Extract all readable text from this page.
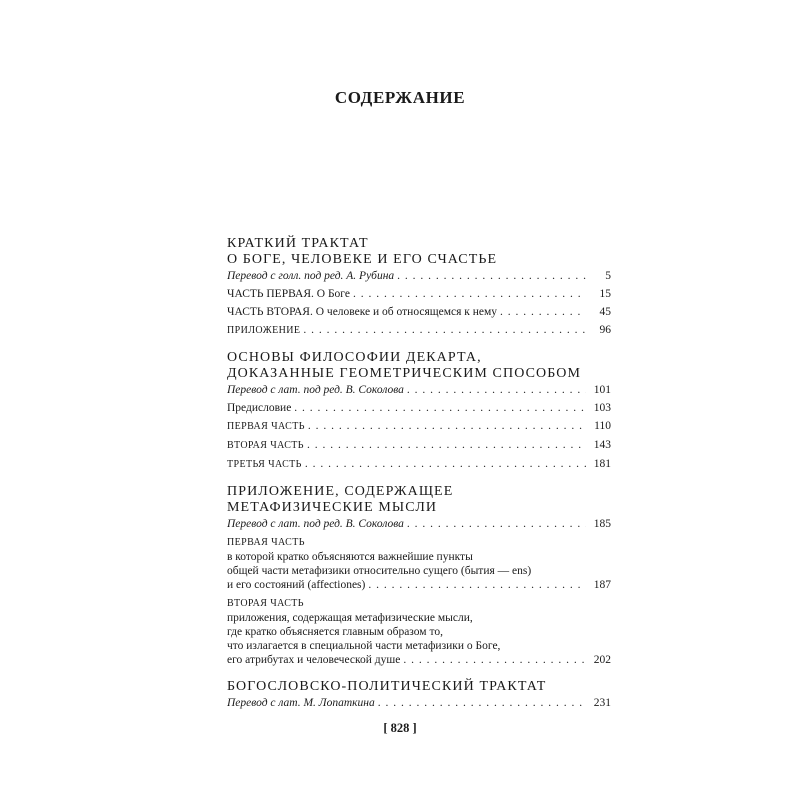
СОДЕРЖАНИЕ
КРАТКИЙ ТРАКТАТ
О БОГЕ, ЧЕЛОВЕКЕ И ЕГО СЧАСТЬЕ
Перевод с голл. под ред. А. Рубина . . .	5
ЧАСТЬ ПЕРВАЯ. О Боге . . .	15
ЧАСТЬ ВТОРАЯ. О человеке и об относящемся к нему . . .	45
ПРИЛОЖЕНИЕ . . .	96
ОСНОВЫ ФИЛОСОФИИ ДЕКАРТА,
ДОКАЗАННЫЕ ГЕОМЕТРИЧЕСКИМ СПОСОБОМ
Перевод с лат. под ред. В. Соколова . . .	101
Предисловие . . .	103
ПЕРВАЯ ЧАСТЬ . . .	110
ВТОРАЯ ЧАСТЬ . . .	143
ТРЕТЬЯ ЧАСТЬ . . .	181
ПРИЛОЖЕНИЕ, СОДЕРЖАЩЕЕ
МЕТАФИЗИЧЕСКИЕ МЫСЛИ
Перевод с лат. под ред. В. Соколова . . .	185
ПЕРВАЯ ЧАСТЬ
в которой кратко объясняются важнейшие пункты
общей части метафизики относительно сущего (бытия — ens)
и его состояний (affectiones) . . .	187
ВТОРАЯ ЧАСТЬ
приложения, содержащая метафизические мысли,
где кратко объясняется главным образом то,
что излагается в специальной части метафизики о Боге,
его атрибутах и человеческой душе . . .	202
БОГОСЛОВСКО-ПОЛИТИЧЕСКИЙ ТРАКТАТ
Перевод с лат. М. Лопаткина . . .	231
[ 828 ]
